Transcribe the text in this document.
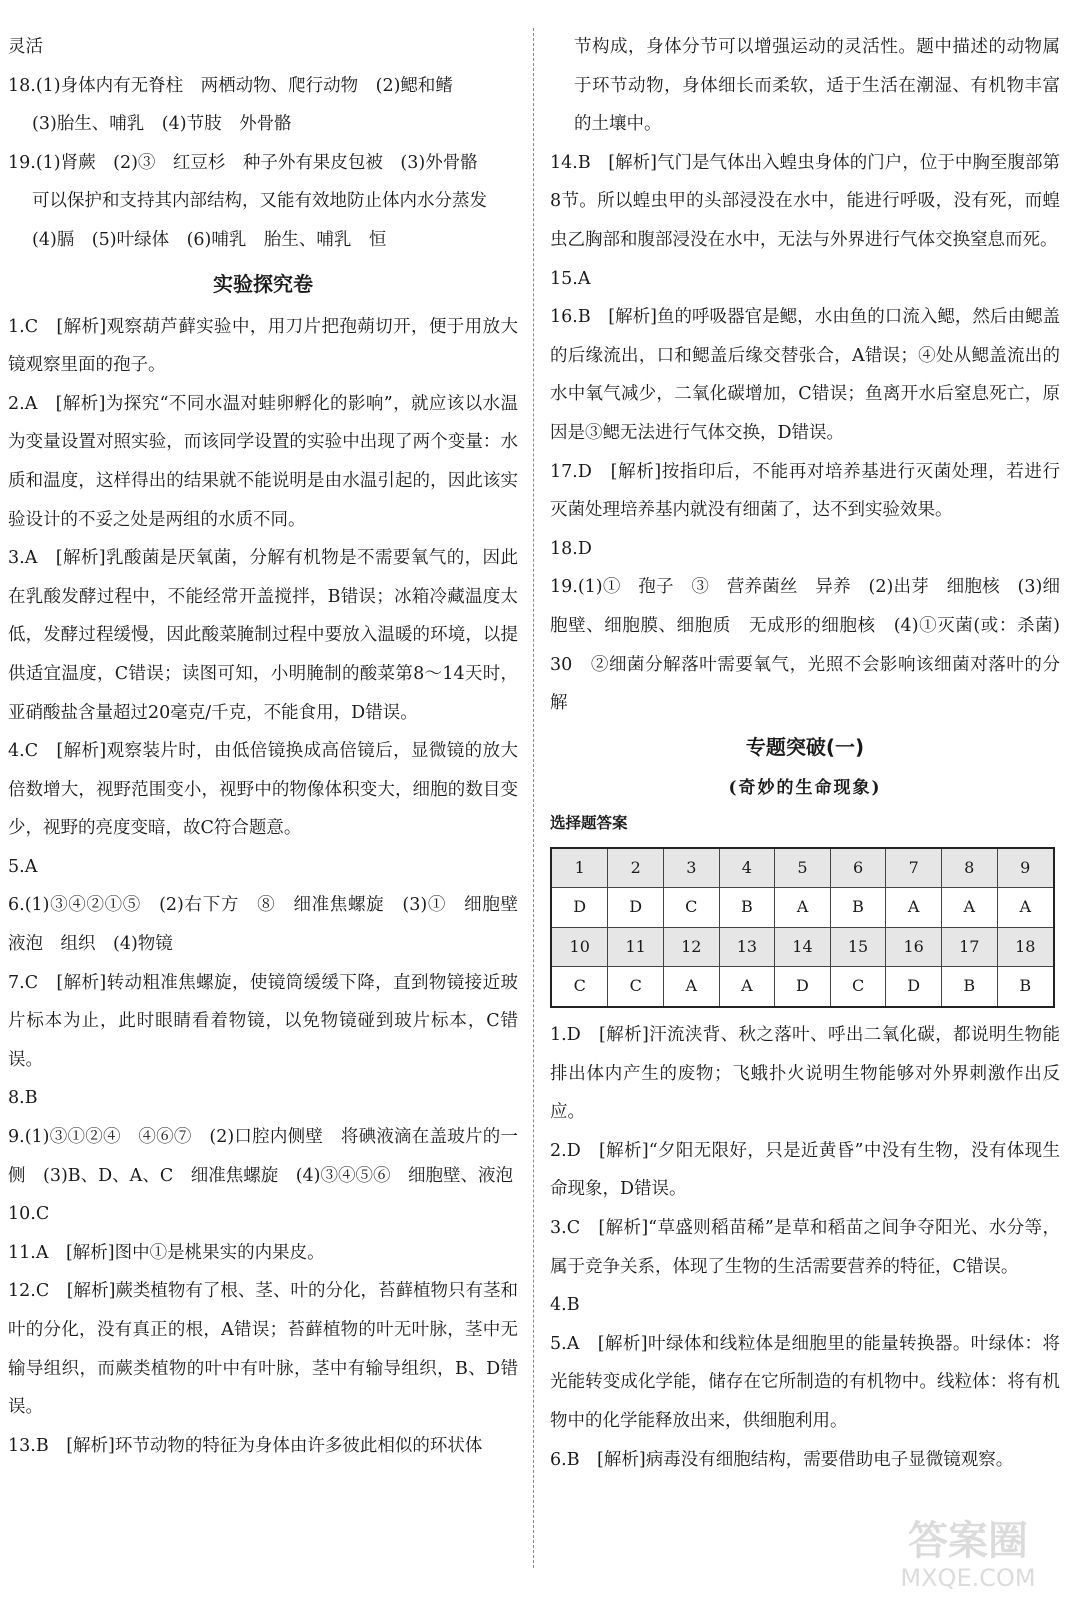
灵活

18.(1)身体内有无脊柱　两栖动物、爬行动物　(2)鳃和鳍

(3)胎生、哺乳　(4)节肢　外骨骼

19.(1)肾蕨　(2)③　红豆杉　种子外有果皮包被　(3)外骨骼

可以保护和支持其内部结构，又能有效地防止体内水分蒸发

(4)膈　(5)叶绿体　(6)哺乳　胎生、哺乳　恒

实验探究卷

1.C　[解析]观察葫芦藓实验中，用刀片把孢蒴切开，便于用放大镜观察里面的孢子。

2.A　[解析]为探究“不同水温对蛙卵孵化的影响”，就应该以水温为变量设置对照实验，而该同学设置的实验中出现了两个变量：水质和温度，这样得出的结果就不能说明是由水温引起的，因此该实验设计的不妥之处是两组的水质不同。

3.A　[解析]乳酸菌是厌氧菌，分解有机物是不需要氧气的，因此在乳酸发酵过程中，不能经常开盖搅拌，B错误；冰箱冷藏温度太低，发酵过程缓慢，因此酸菜腌制过程中要放入温暖的环境，以提供适宜温度，C错误；读图可知，小明腌制的酸菜第8～14天时，亚硝酸盐含量超过20毫克/千克，不能食用，D错误。

4.C　[解析]观察装片时，由低倍镜换成高倍镜后，显微镜的放大倍数增大，视野范围变小，视野中的物像体积变大，细胞的数目变少，视野的亮度变暗，故C符合题意。

5.A

6.(1)③④②①⑤　(2)右下方　⑧　细准焦螺旋　(3)①　细胞壁　液泡　组织　(4)物镜

7.C　[解析]转动粗准焦螺旋，使镜筒缓缓下降，直到物镜接近玻片标本为止，此时眼睛看着物镜，以免物镜碰到玻片标本，C错误。

8.B

9.(1)③①②④　④⑥⑦　(2)口腔内侧壁　将碘液滴在盖玻片的一侧　(3)B、D、A、C　细准焦螺旋　(4)③④⑤⑥　细胞壁、液泡

10.C

11.A　[解析]图中①是桃果实的内果皮。

12.C　[解析]蕨类植物有了根、茎、叶的分化，苔藓植物只有茎和叶的分化，没有真正的根，A错误；苔藓植物的叶无叶脉，茎中无输导组织，而蕨类植物的叶中有叶脉，茎中有输导组织，B、D错误。

13.B　[解析]环节动物的特征为身体由许多彼此相似的环状体

节构成，身体分节可以增强运动的灵活性。题中描述的动物属于环节动物，身体细长而柔软，适于生活在潮湿、有机物丰富的土壤中。

14.B　[解析]气门是气体出入蝗虫身体的门户，位于中胸至腹部第8节。所以蝗虫甲的头部浸没在水中，能进行呼吸，没有死，而蝗虫乙胸部和腹部浸没在水中，无法与外界进行气体交换窒息而死。

15.A

16.B　[解析]鱼的呼吸器官是鳃，水由鱼的口流入鳃，然后由鳃盖的后缘流出，口和鳃盖后缘交替张合，A错误；④处从鳃盖流出的水中氧气减少，二氧化碳增加，C错误；鱼离开水后窒息死亡，原因是③鳃无法进行气体交换，D错误。

17.D　[解析]按指印后，不能再对培养基进行灭菌处理，若进行灭菌处理培养基内就没有细菌了，达不到实验效果。

18.D

19.(1)①　孢子　③　营养菌丝　异养　(2)出芽　细胞核　(3)细胞壁、细胞膜、细胞质　无成形的细胞核　(4)①灭菌(或：杀菌)　30　②细菌分解落叶需要氧气，光照不会影响该细菌对落叶的分解

专题突破(一)
(奇妙的生命现象)
选择题答案
1	2	3	4	5	6	7	8	9
D	D	C	B	A	B	A	A	A
10	11	12	13	14	15	16	17	18
C	C	A	A	D	C	D	B	B

1.D　[解析]汗流浃背、秋之落叶、呼出二氧化碳，都说明生物能排出体内产生的废物；飞蛾扑火说明生物能够对外界刺激作出反应。

2.D　[解析]“夕阳无限好，只是近黄昏”中没有生物，没有体现生命现象，D错误。

3.C　[解析]“草盛则稻苗稀”是草和稻苗之间争夺阳光、水分等，属于竞争关系，体现了生物的生活需要营养的特征，C错误。

4.B

5.A　[解析]叶绿体和线粒体是细胞里的能量转换器。叶绿体：将光能转变成化学能，储存在它所制造的有机物中。线粒体：将有机物中的化学能释放出来，供细胞利用。

6.B　[解析]病毒没有细胞结构，需要借助电子显微镜观察。

答案圈
MXQE.COM
